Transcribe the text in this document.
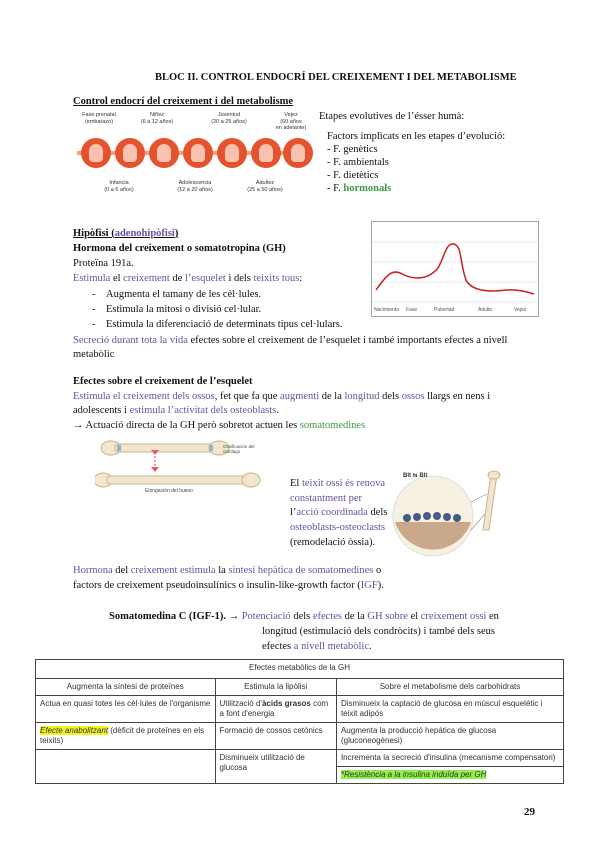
BLOC II. CONTROL ENDOCRÍ DEL CREIXEMENT I DEL METABOLISME
Control endocrí del creixement i del metabolisme
Fase prenatal
(embarazo)
Niñez
(6 a 12 años)
Juventud
(20 a 25 años)
Vejez
(60 años
en adelante)
Infancia
(0 a 6 años)
Adolescencia
(12 a 20 años)
Adultez
(25 a 50 años)
Etapes evolutives de l’ésser humà:
Factors implicats en les etapes d’evolució:
- F. genètics
- F. ambientals
- F. dietètics
- F. hormonals
Hipòfisi (adenohipòfisi)
Hormona del creixement o somatotropina (GH)
Proteïna 191a.
Estimula el creixement de l’esquelet i dels teixits tous:
-    Augmenta el tamany de les cèl·lules.
-    Estimula la mitosi o divisió cel·lular.
-    Estimula la diferenciació de determinats tipus cel·lulars.
Secreció durant tota la vida efectes sobre el creixement de l’esquelet i també importants efectes a nivell
metabòlic
Nacimiento Fase	Pubertad	Adulto	Vejez
Efectes sobre el creixement de l’esquelet
Estimula el creixement dels ossos, fet que fa que augmenti de la longitud dels ossos llargs en nens i
adolescents i estimula l’activitat dels osteoblasts.
→ Actuació directa de la GH però sobretot actuen les somatomedines
Elongación del hueso
Ossificación del cartílago
El teixit ossi és renova
constantment per
l’acció coordinada dels
osteoblasts-osteoclasts
(remodelació òssia).
Blt ⇆ Blt
Hormona del creixement estimula la síntesi hepàtica de somatomedines o
factors de creixement pseudoinsulínics o insulin-like-growth factor (IGF).
Somatomedina C (IGF-1). → Potenciació dels efectes de la GH sobre el creixement ossi en
longitud (estimulació dels condròcits) i també dels seus
efectes a nivell metabòlic.
Efectes metabòlics de la GH		
Augmenta la síntesi de proteïnes	Estimula la lipòlisi	Sobre el metabolisme dels carbohidrats
Actua en quasi totes les cèl·lules de l'organisme	Utilització d'àcids grasos com a font d'energia	Disminueix la captació de glucosa en múscul esquelètic i teixit adipós
Efecte anabolitzant (dèficit de proteïnes en els teixits)	Formació de cossos cetònics	Augmenta la producció hepàtica de glucosa (gluconeogènesi)
	Disminueix utilització de glucosa	Incrementa la secreció d'insulina (mecanisme compensatori)
		*Resistència a la insulina induïda per GH
29
